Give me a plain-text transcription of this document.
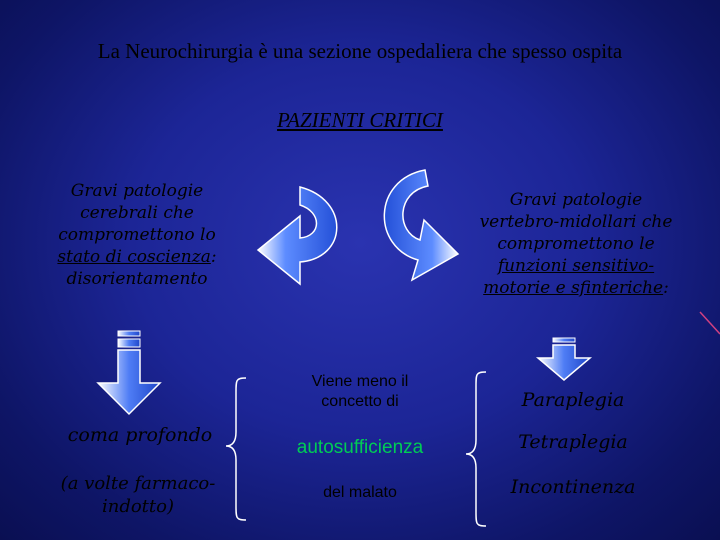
La Neurochirurgia è una sezione ospedaliera che spesso ospita
PAZIENTI CRITICI
Gravi patologie
cerebrali che
compromettono lo
stato di coscienza:
disorientamento
Gravi patologie
vertebro-midollari che
compromettono le
funzioni sensitivo-
motorie e sfinteriche:
Viene meno il
concetto di
autosufficienza
del malato
coma profondo
(a volte farmaco-
indotto)
Paraplegia
Tetraplegia
Incontinenza
